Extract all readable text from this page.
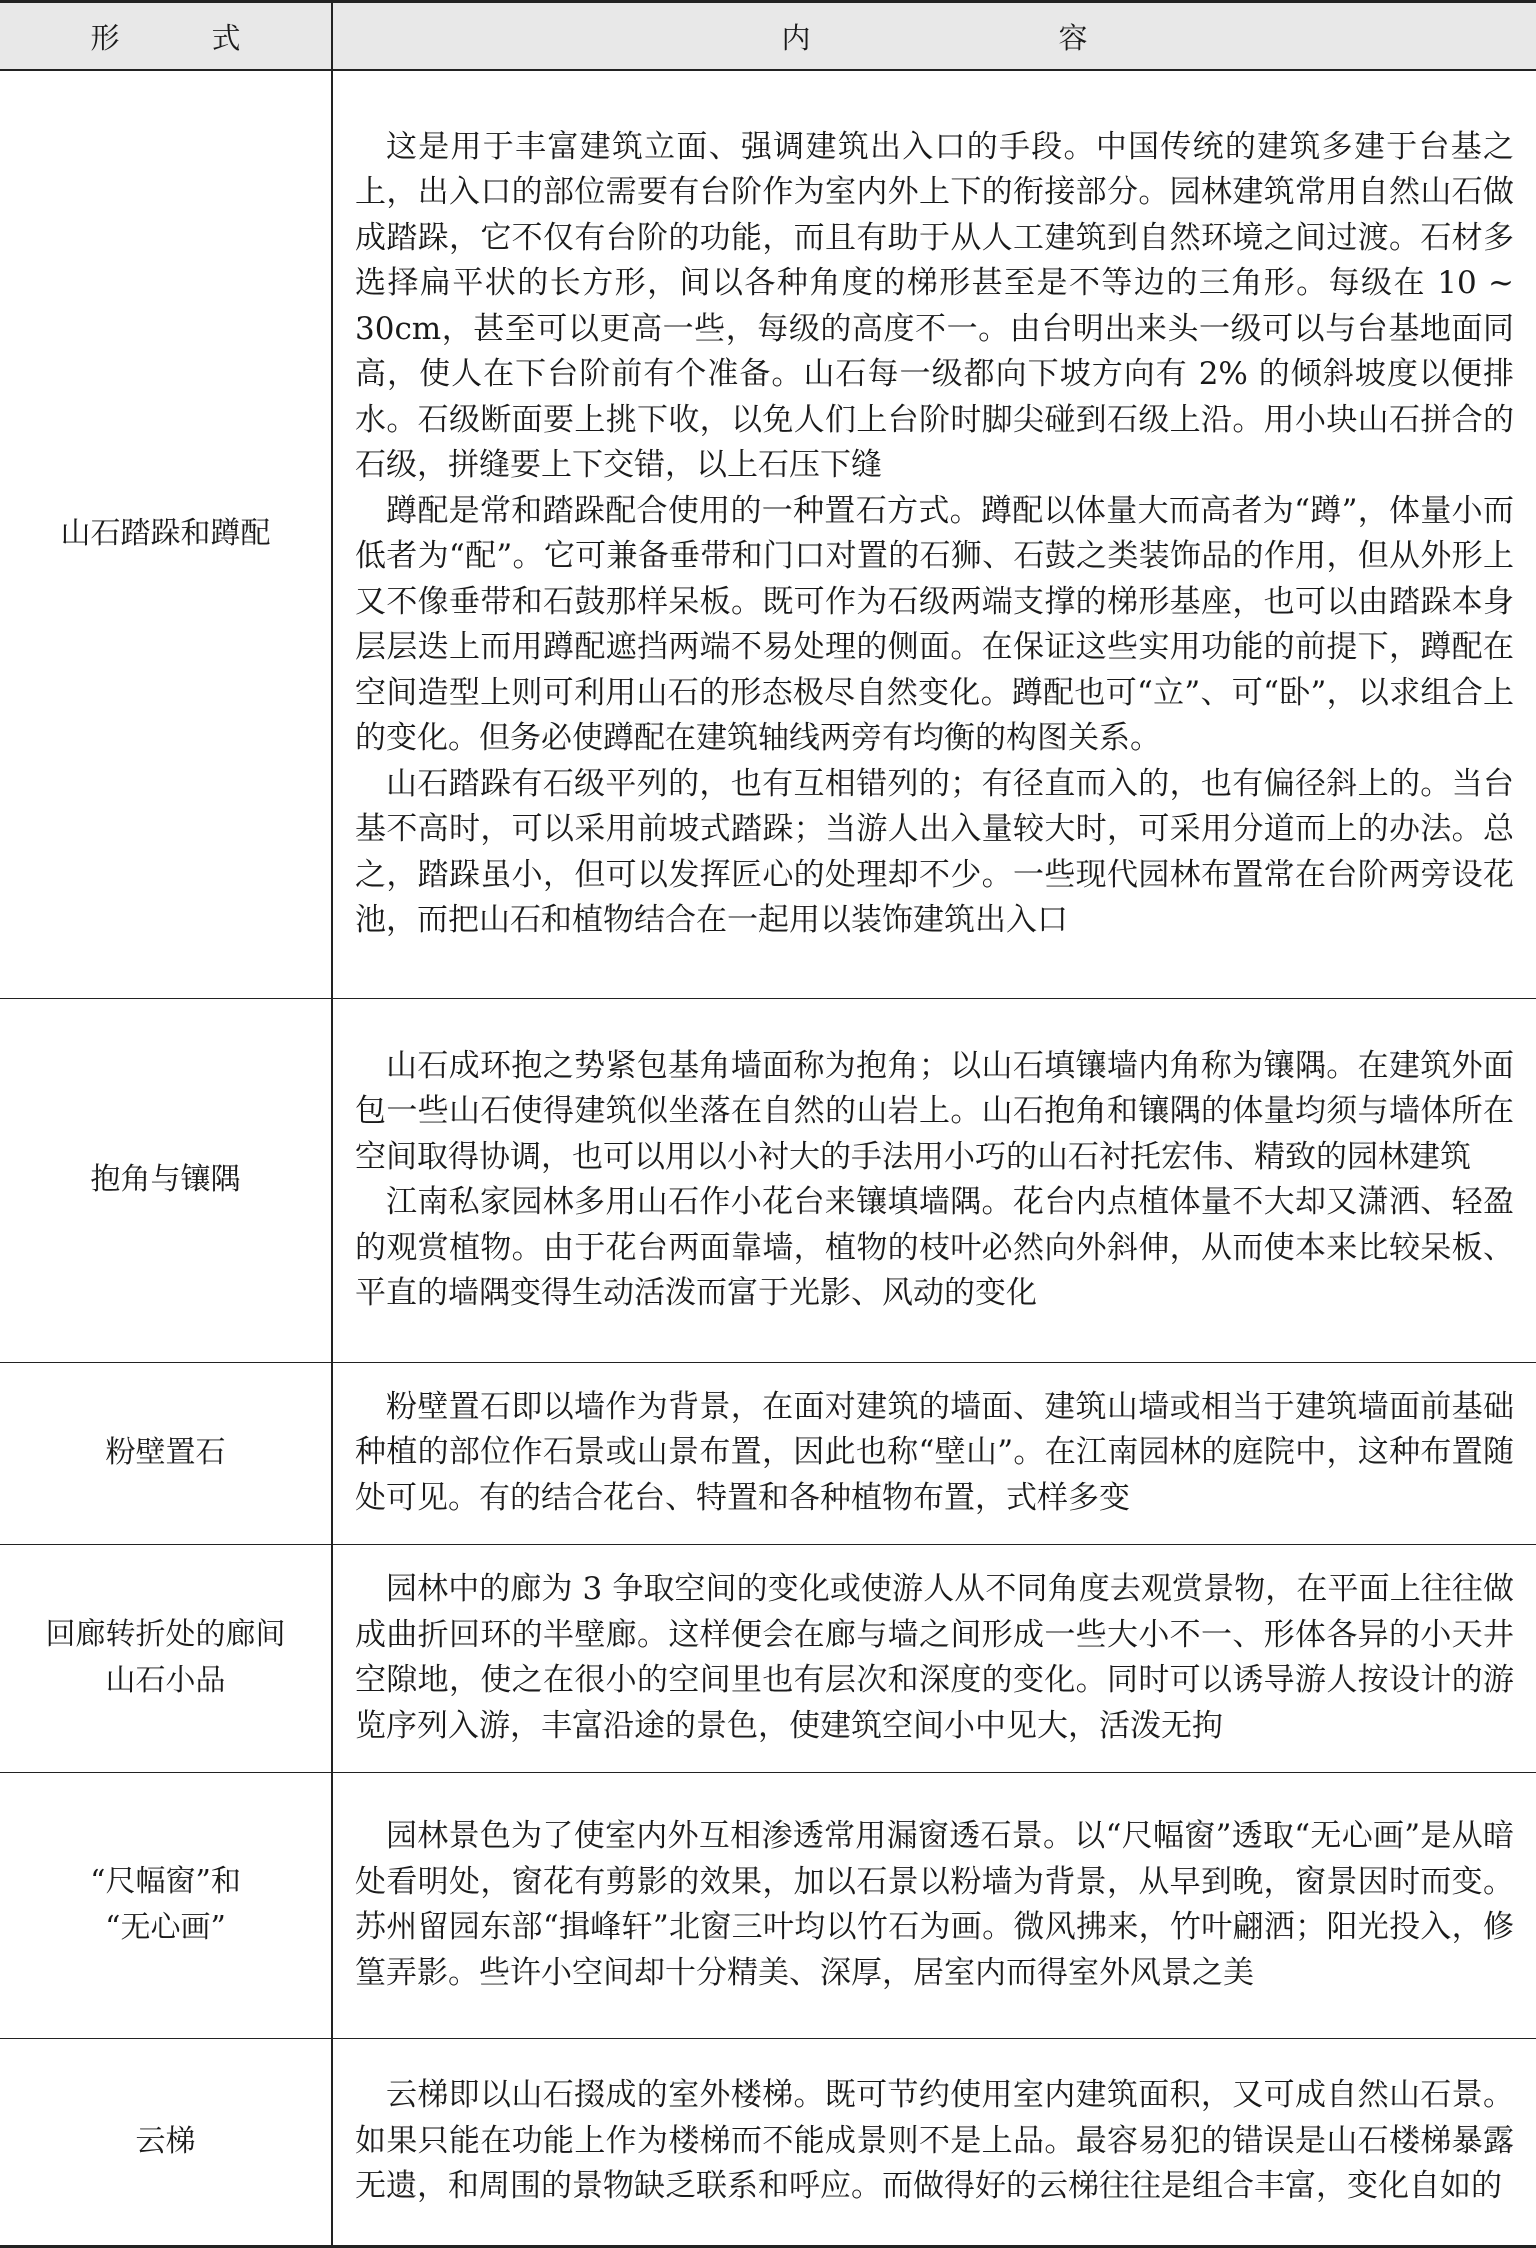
形 式	内 容

山石踏跺和蹲配	这是用于丰富建筑立面、强调建筑出入口的手段。中国传统的建筑多建于台基之上，出入口的部位需要有台阶作为室内外上下的衔接部分。园林建筑常用自然山石做成踏跺，它不仅有台阶的功能，而且有助于从人工建筑到自然环境之间过渡。石材多选择扁平状的长方形，间以各种角度的梯形甚至是不等边的三角形。每级在 10 ~ 30cm，甚至可以更高一些，每级的高度不一。由台明出来头一级可以与台基地面同高，使人在下台阶前有个准备。山石每一级都向下坡方向有 2% 的倾斜坡度以便排水。石级断面要上挑下收，以免人们上台阶时脚尖碰到石级上沿。用小块山石拼合的石级，拼缝要上下交错，以上石压下缝

蹲配是常和踏跺配合使用的一种置石方式。蹲配以体量大而高者为“蹲”，体量小而低者为“配”。它可兼备垂带和门口对置的石狮、石鼓之类装饰品的作用，但从外形上又不像垂带和石鼓那样呆板。既可作为石级两端支撑的梯形基座，也可以由踏跺本身层层迭上而用蹲配遮挡两端不易处理的侧面。在保证这些实用功能的前提下，蹲配在空间造型上则可利用山石的形态极尽自然变化。蹲配也可“立”、可“卧”，以求组合上的变化。但务必使蹲配在建筑轴线两旁有均衡的构图关系。

山石踏跺有石级平列的，也有互相错列的；有径直而入的，也有偏径斜上的。当台基不高时，可以采用前坡式踏跺；当游人出入量较大时，可采用分道而上的办法。总之，踏跺虽小，但可以发挥匠心的处理却不少。一些现代园林布置常在台阶两旁设花池，而把山石和植物结合在一起用以装饰建筑出入口

抱角与镶隅	山石成环抱之势紧包基角墙面称为抱角；以山石填镶墙内角称为镶隅。在建筑外面包一些山石使得建筑似坐落在自然的山岩上。山石抱角和镶隅的体量均须与墙体所在空间取得协调，也可以用以小衬大的手法用小巧的山石衬托宏伟、精致的园林建筑

江南私家园林多用山石作小花台来镶填墙隅。花台内点植体量不大却又潇洒、轻盈的观赏植物。由于花台两面靠墙，植物的枝叶必然向外斜伸，从而使本来比较呆板、平直的墙隅变得生动活泼而富于光影、风动的变化

粉壁置石	粉壁置石即以墙作为背景，在面对建筑的墙面、建筑山墙或相当于建筑墙面前基础种植的部位作石景或山景布置，因此也称“壁山”。在江南园林的庭院中，这种布置随处可见。有的结合花台、特置和各种植物布置，式样多变

回廊转折处的廊间
山石小品	园林中的廊为 3 争取空间的变化或使游人从不同角度去观赏景物，在平面上往往做成曲折回环的半壁廊。这样便会在廊与墙之间形成一些大小不一、形体各异的小天井空隙地，使之在很小的空间里也有层次和深度的变化。同时可以诱导游人按设计的游览序列入游，丰富沿途的景色，使建筑空间小中见大，活泼无拘

“尺幅窗”和
“无心画”	园林景色为了使室内外互相渗透常用漏窗透石景。以“尺幅窗”透取“无心画”是从暗处看明处，窗花有剪影的效果，加以石景以粉墙为背景，从早到晚，窗景因时而变。苏州留园东部“揖峰轩”北窗三叶均以竹石为画。微风拂来，竹叶翩洒；阳光投入，修篁弄影。些许小空间却十分精美、深厚，居室内而得室外风景之美

云梯	云梯即以山石掇成的室外楼梯。既可节约使用室内建筑面积，又可成自然山石景。如果只能在功能上作为楼梯而不能成景则不是上品。最容易犯的错误是山石楼梯暴露无遗，和周围的景物缺乏联系和呼应。而做得好的云梯往往是组合丰富，变化自如的
